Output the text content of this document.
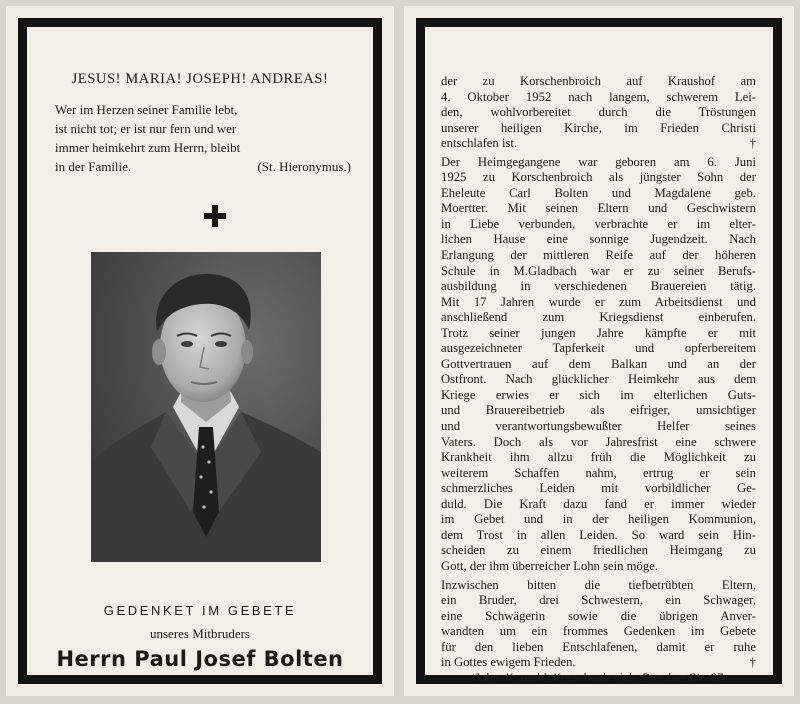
JESUS! MARIA! JOSEPH! ANDREAS!
Wer im Herzen seiner Familie lebt,
ist nicht tot; er ist nur fern und wer
immer heimkehrt zum Herrn, bleibt
in der Familie.	(St. Hieronymus.)
GEDENKET IM GEBETE
unseres Mitbruders
Herrn Paul Josef Bolten
der zu Korschenbroich auf Kraushof am
4. Oktober 1952 nach langem, schwerem Lei-
den, wohlvorbereitet durch die Tröstungen
unserer heiligen Kirche, im Frieden Christi
entschlafen ist.	†
Der Heimgegangene war geboren am 6. Juni
1925 zu Korschenbroich als jüngster Sohn der
Eheleute Carl Bolten und Magdalene geb.
Moertter. Mit seinen Eltern und Geschwistern
in Liebe verbunden, verbrachte er im elter-
lichen Hause eine sonnige Jugendzeit. Nach
Erlangung der mittleren Reife auf der höheren
Schule in M.Gladbach war er zu seiner Berufs-
ausbildung in verschiedenen Brauereien tätig.
Mit 17 Jahren wurde er zum Arbeitsdienst und
anschließend zum Kriegsdienst einberufen.
Trotz seiner jungen Jahre kämpfte er mit
ausgezeichneter Tapferkeit und opferbereitem
Gottvertrauen auf dem Balkan und an der
Ostfront. Nach glücklicher Heimkehr aus dem
Kriege erwies er sich im elterlichen Guts-
und Brauereibetrieb als eifriger, umsichtiger
und verantwortungsbewußter Helfer seines
Vaters. Doch als vor Jahresfrist eine schwere
Krankheit ihm allzu früh die Möglichkeit zu
weiterem Schaffen nahm, ertrug er sein
schmerzliches Leiden mit vorbildlicher Ge-
duld. Die Kraft dazu fand er immer wieder
im Gebet und in der heiligen Kommunion,
dem Trost in allen Leiden. So ward sein Hin-
scheiden zu einem friedlichen Heimgang zu
Gott, der ihm überreicher Lohn sein möge.
Inzwischen bitten die tiefbetrübten Eltern,
ein Bruder, drei Schwestern, ein Schwager,
eine Schwägerin sowie die übrigen Anver-
wandten um ein frommes Gedenken im Gebete
für den lieben Entschlafenen, damit er ruhe
in Gottes ewigem Frieden.	†
Johs. Krapohl, Korschenbroich, Pescher Str. 37
